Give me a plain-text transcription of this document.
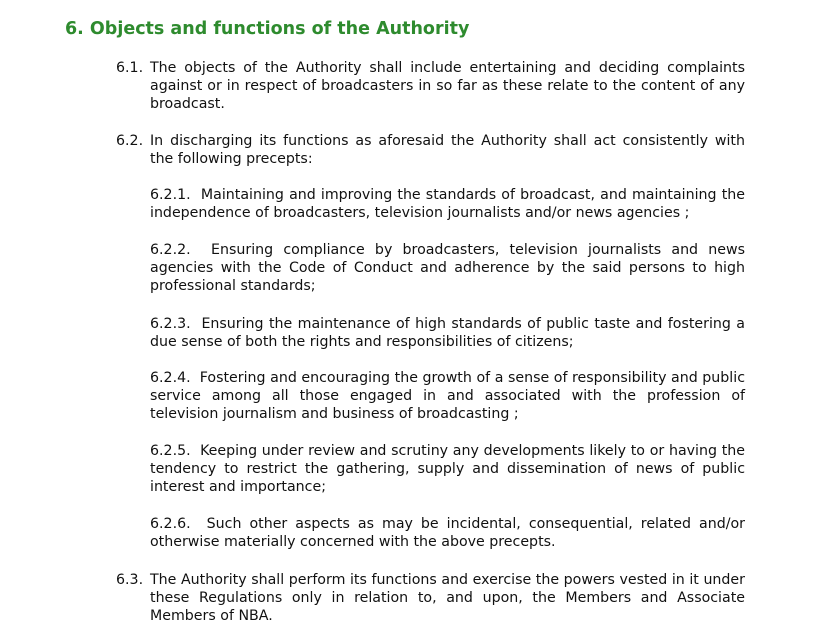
6. Objects and functions of the Authority
6.1. The objects of the Authority shall include entertaining and deciding complaints against or in respect of broadcasters in so far as these relate to the content of any broadcast.
6.2. In discharging its functions as aforesaid the Authority shall act consistently with the following precepts:
6.2.1. Maintaining and improving the standards of broadcast, and maintaining the independence of broadcasters, television journalists and/or news agencies ;
6.2.2. Ensuring compliance by broadcasters, television journalists and news agencies with the Code of Conduct and adherence by the said persons to high professional standards;
6.2.3. Ensuring the maintenance of high standards of public taste and fostering a due sense of both the rights and responsibilities of citizens;
6.2.4. Fostering and encouraging the growth of a sense of responsibility and public service among all those engaged in and associated with the profession of television journalism and business of broadcasting ;
6.2.5. Keeping under review and scrutiny any developments likely to or having the tendency to restrict the gathering, supply and dissemination of news of public interest and importance;
6.2.6. Such other aspects as may be incidental, consequential, related and/or otherwise materially concerned with the above precepts.
6.3. The Authority shall perform its functions and exercise the powers vested in it under these Regulations only in relation to, and upon, the Members and Associate Members of NBA.
